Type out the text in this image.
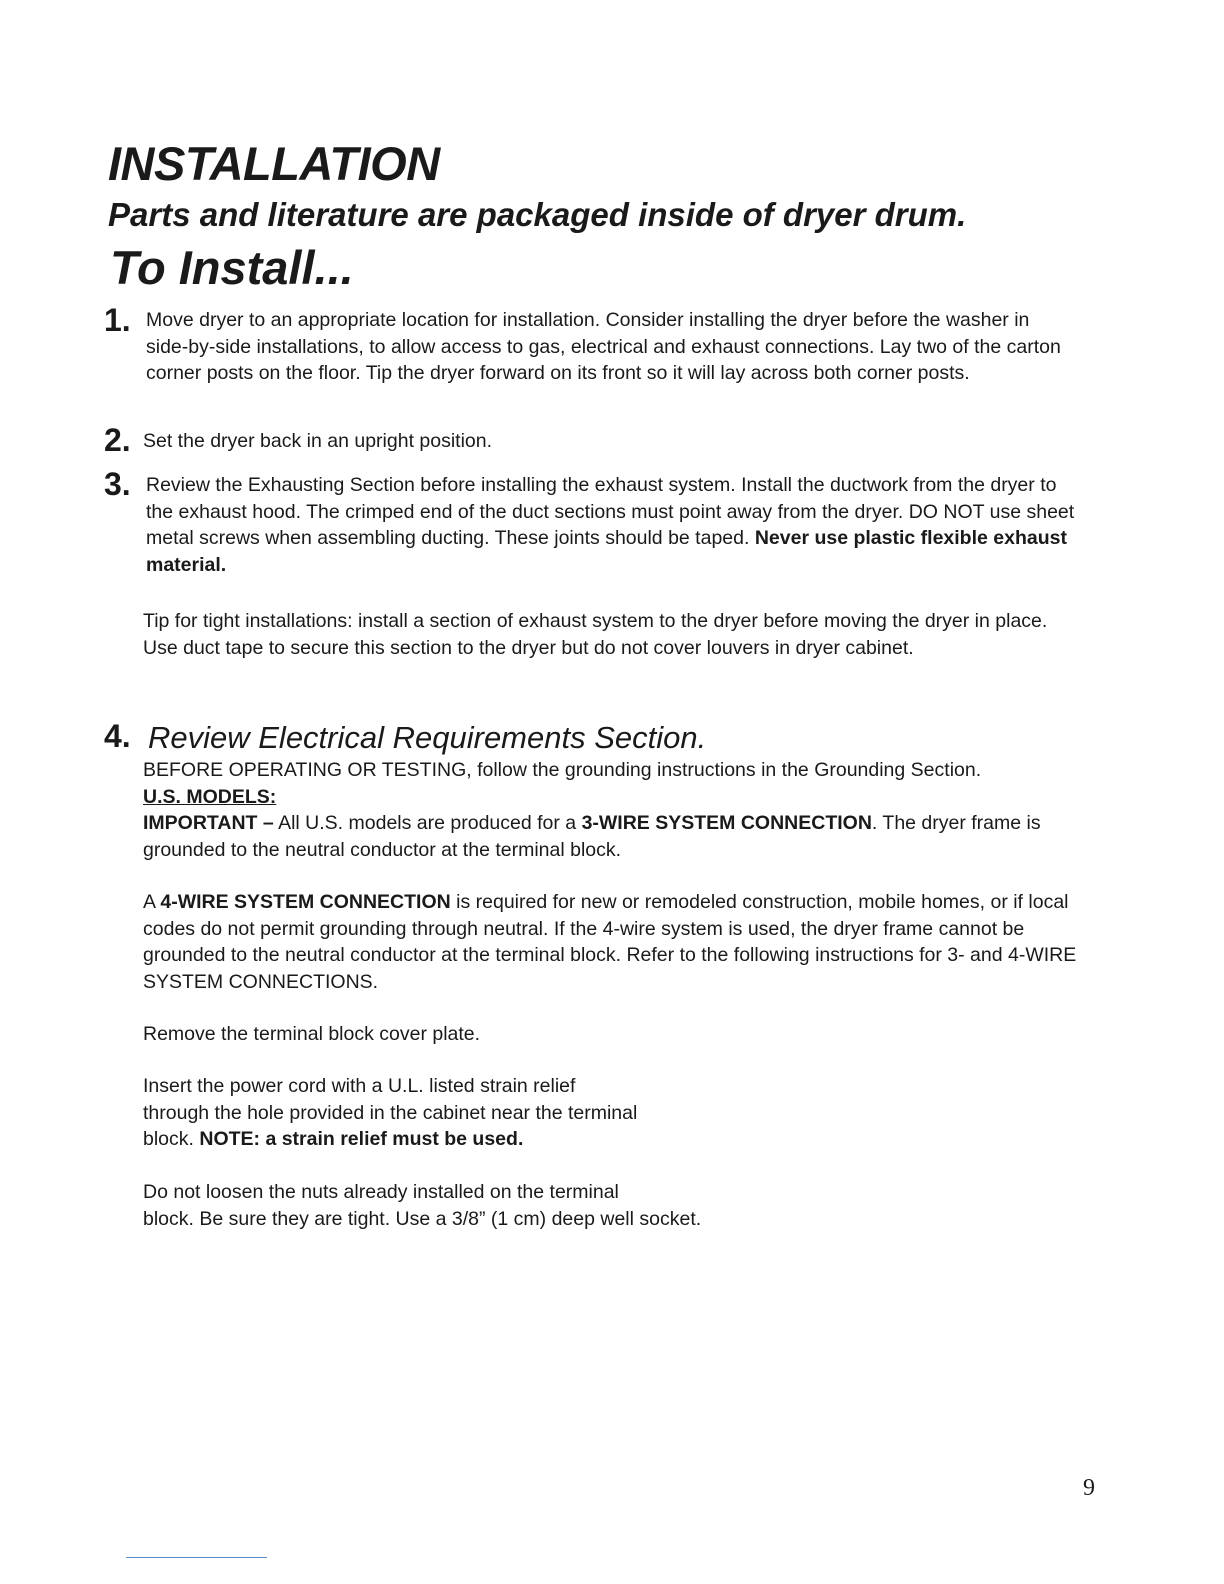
INSTALLATION
Parts and literature are packaged inside of dryer drum.
To Install...
1. Move dryer to an appropriate location for installation. Consider installing the dryer before the washer in side-by-side installations, to allow access to gas, electrical and exhaust connections. Lay two of the carton corner posts on the floor. Tip the dryer forward on its front so it will lay across both corner posts.

2. Set the dryer back in an upright position.

3. Review the Exhausting Section before installing the exhaust system. Install the ductwork from the dryer to the exhaust hood. The crimped end of the duct sections must point away from the dryer. DO NOT use sheet metal screws when assembling ducting. These joints should be taped. Never use plastic flexible exhaust material.

Tip for tight installations: install a section of exhaust system to the dryer before moving the dryer in place. Use duct tape to secure this section to the dryer but do not cover louvers in dryer cabinet.

4. Review Electrical Requirements Section.

BEFORE OPERATING OR TESTING, follow the grounding instructions in the Grounding Section.

U.S. MODELS:

IMPORTANT – All U.S. models are produced for a 3-WIRE SYSTEM CONNECTION. The dryer frame is grounded to the neutral conductor at the terminal block.

A 4-WIRE SYSTEM CONNECTION is required for new or remodeled construction, mobile homes, or if local codes do not permit grounding through neutral. If the 4-wire system is used, the dryer frame cannot be grounded to the neutral conductor at the terminal block. Refer to the following instructions for 3- and 4-WIRE SYSTEM CONNECTIONS.

Remove the terminal block cover plate.

Insert the power cord with a U.L. listed strain relief

through the hole provided in the cabinet near the terminal

block. NOTE: a strain relief must be used.

Do not loosen the nuts already installed on the terminal

block. Be sure they are tight. Use a 3/8” (1 cm) deep well socket.

9
